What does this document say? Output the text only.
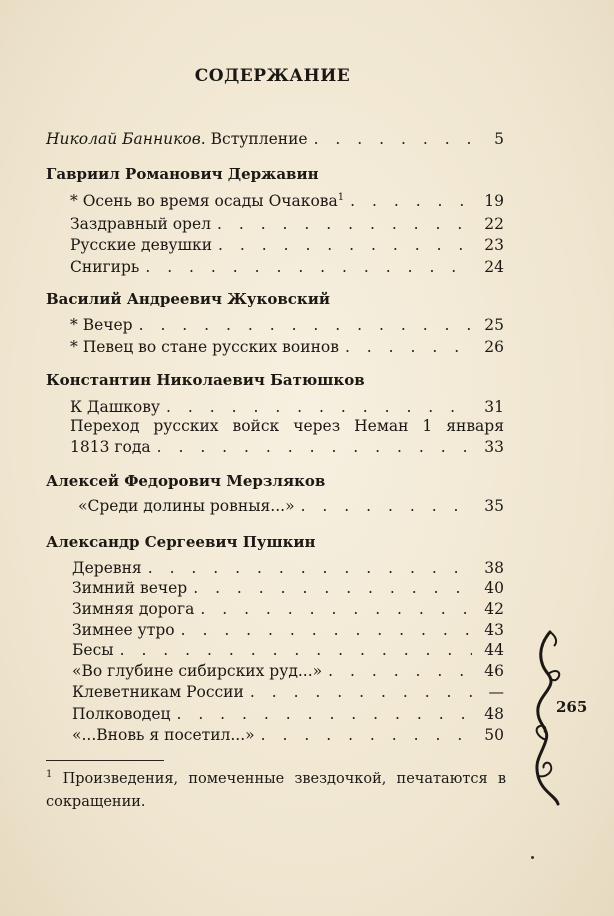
СОДЕРЖАНИЕ
Николай Банников. Вступление . . .	5
Гавриил Романович Державин
* Осень во время осады Очакова$^1$ . . .	19
Заздравный орел . . .	22
Русские девушки . . .	23
Снигирь . . .	24
Василий Андреевич Жуковский
* Вечер . . .	25
* Певец во стане русских воинов . . .	26
Константин Николаевич Батюшков
К Дашкову . . .	31
Переход русских войск через Неман 1 января
1813 года . . .	33
Алексей Федорович Мерзляков
«Среди долины ровныя...» . . .	35
Александр Сергеевич Пушкин
Деревня . . .	38
Зимний вечер . . .	40
Зимняя дорога . . .	42
Зимнее утро . . .	43
Бесы . . .	44
«Во глубине сибирских руд...» . . .	46
Клеветникам России . . .	—
Полководец . . .	48
«...Вновь я посетил...» . . .	50
$^1$ Произведения, помеченные звездочкой, печатаются в сокращении.
265
